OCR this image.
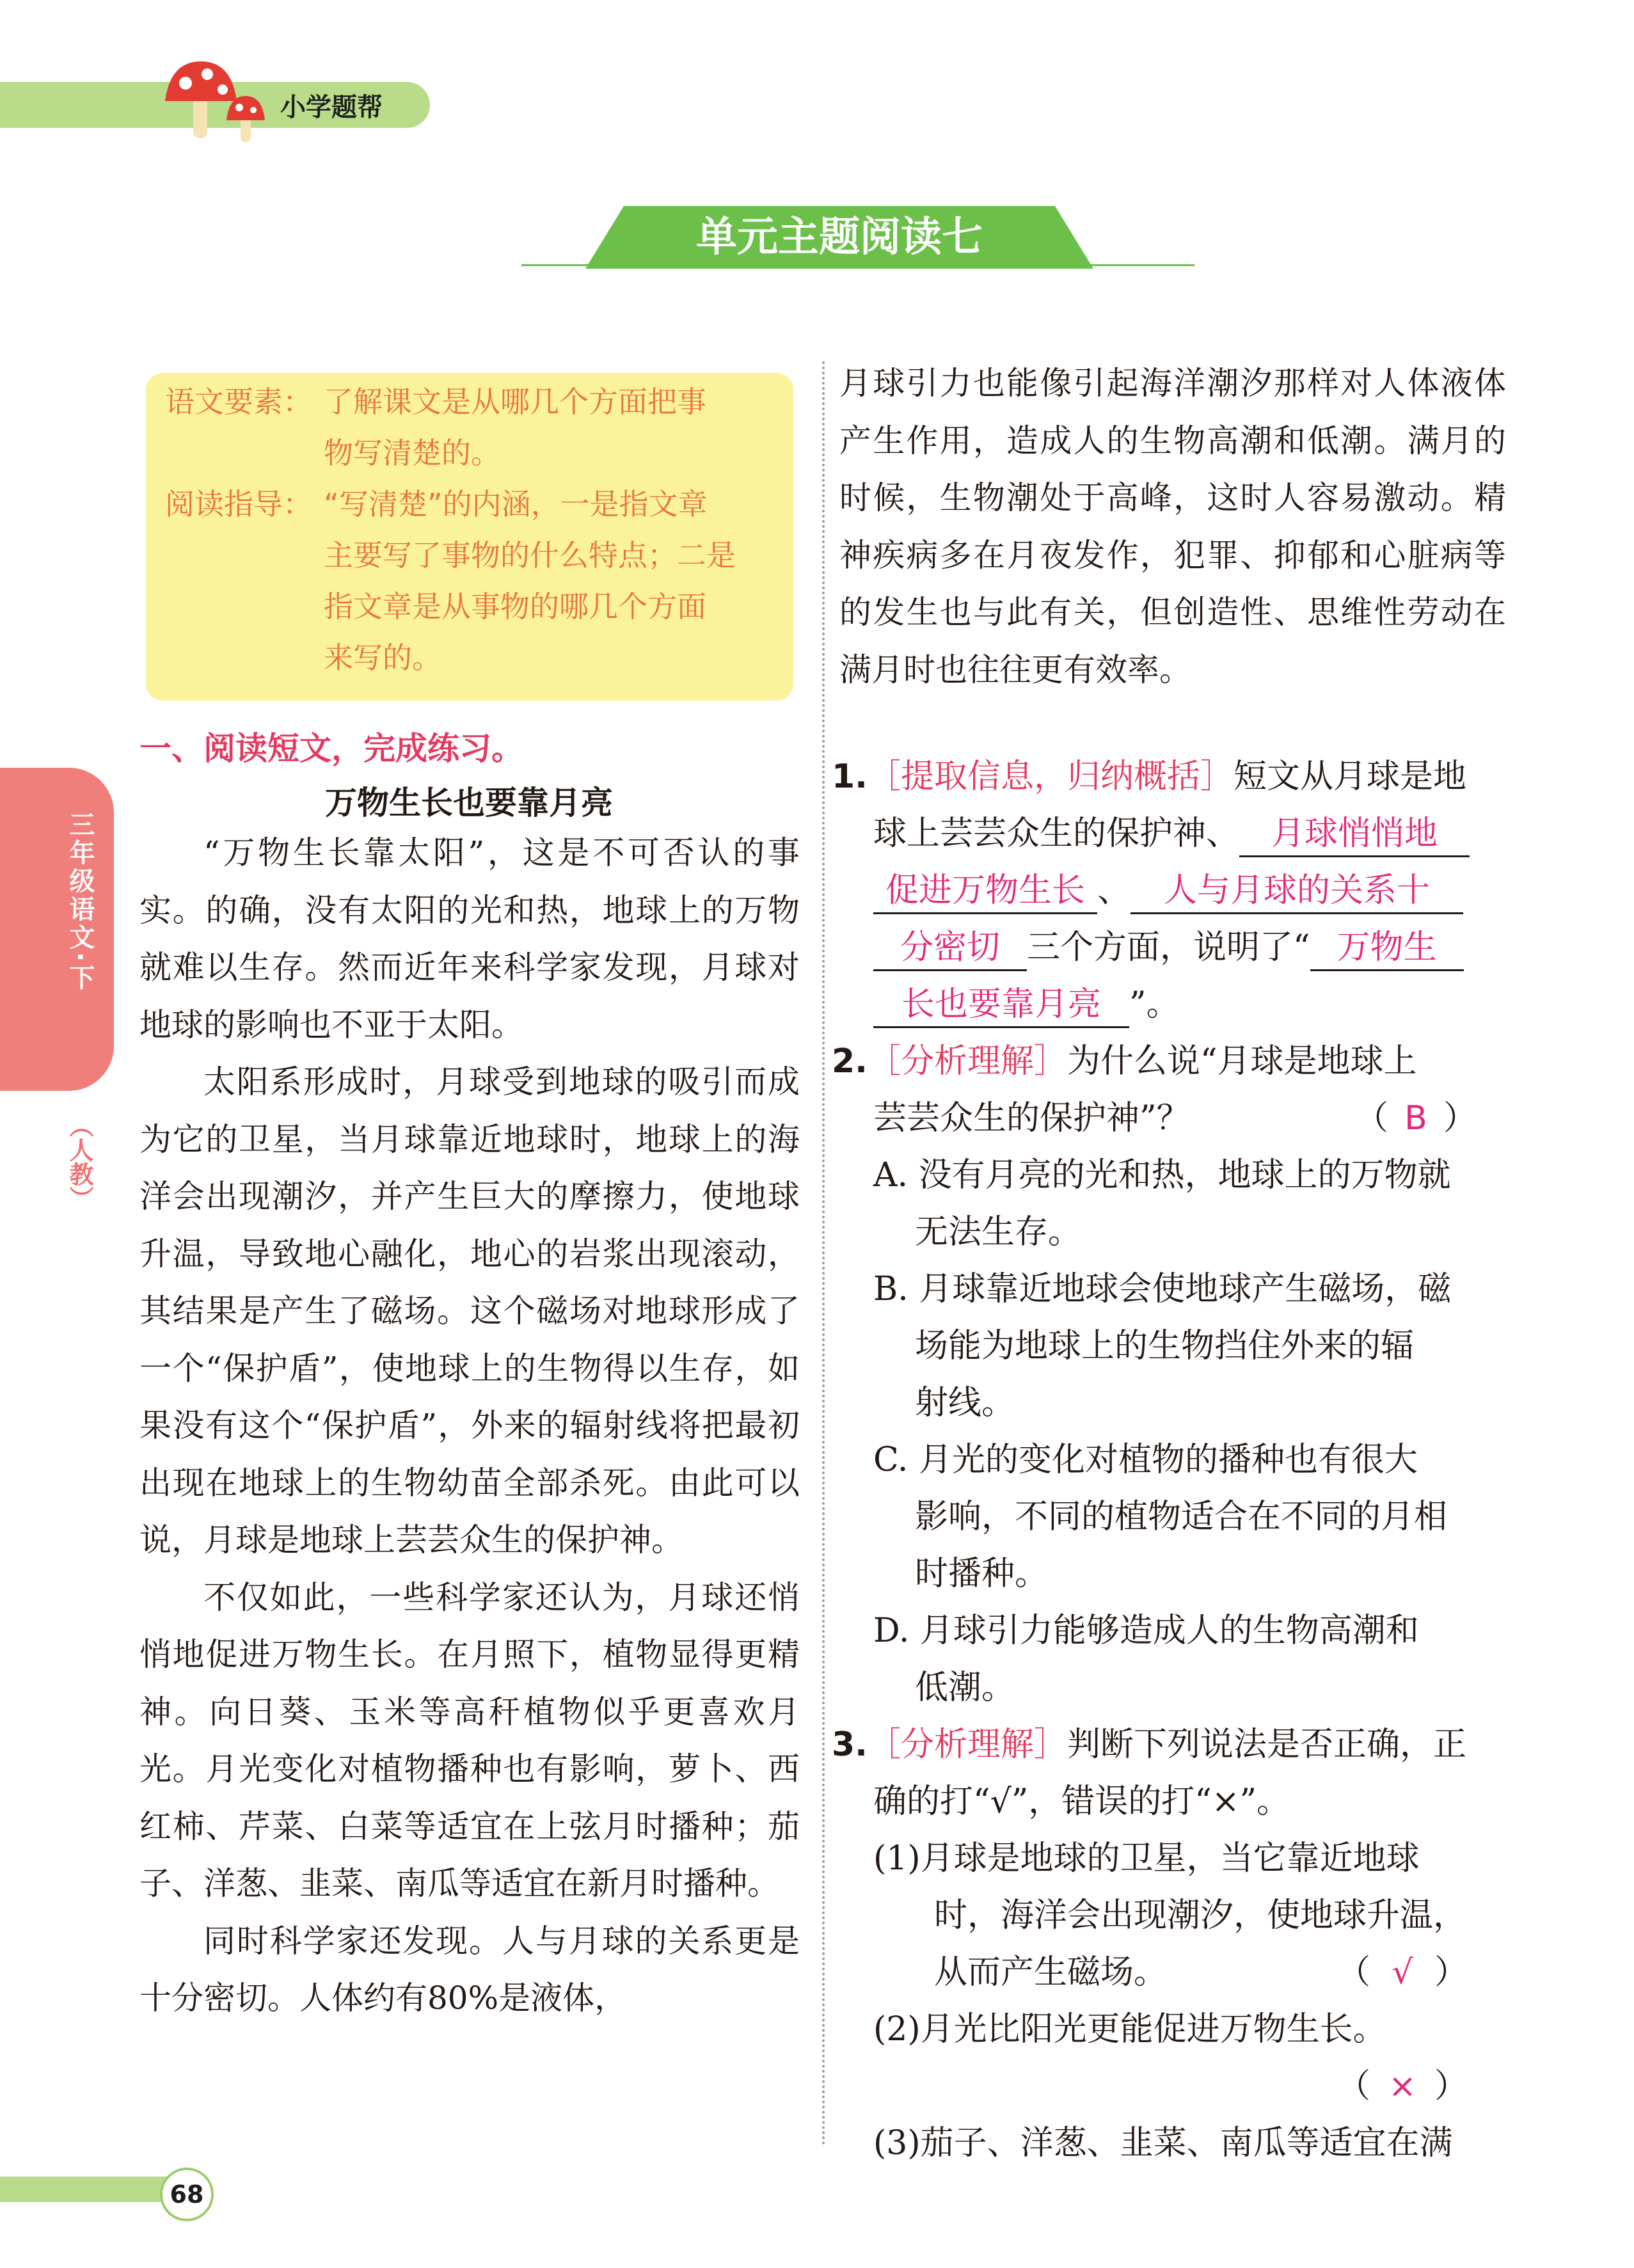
小学题帮
单元主题阅读七
语文要素： 了解课文是从哪几个方面把事
物写清楚的。
阅读指导： “写清楚”的内涵，一是指文章
主要写了事物的什么特点；二是
指文章是从事物的哪几个方面
来写的。
三年级语文·下
（人教）
一、阅读短文，完成练习。
万物生长也要靠月亮

“万物生长靠太阳”，这是不可否认的事实。的确，没有太阳的光和热，地球上的万物就难以生存。然而近年来科学家发现，月球对地球的影响也不亚于太阳。

太阳系形成时，月球受到地球的吸引而成为它的卫星，当月球靠近地球时，地球上的海洋会出现潮汐，并产生巨大的摩擦力，使地球升温，导致地心融化，地心的岩浆出现滚动，其结果是产生了磁场。这个磁场对地球形成了一个“保护盾”，使地球上的生物得以生存，如果没有这个“保护盾”，外来的辐射线将把最初出现在地球上的生物幼苗全部杀死。由此可以说，月球是地球上芸芸众生的保护神。

不仅如此，一些科学家还认为，月球还悄悄地促进万物生长。在月照下，植物显得更精神。向日葵、玉米等高秆植物似乎更喜欢月光。月光变化对植物播种也有影响，萝卜、西红柿、芹菜、白菜等适宜在上弦月时播种；茄子、洋葱、韭菜、南瓜等适宜在新月时播种。

同时科学家还发现。人与月球的关系更是十分密切。人体约有80%是液体，

月球引力也能像引起海洋潮汐那样对人体液体产生作用，造成人的生物高潮和低潮。满月的时候，生物潮处于高峰，这时人容易激动。精神疾病多在月夜发作，犯罪、抑郁和心脏病等的发生也与此有关，但创造性、思维性劳动在满月时也往往更有效率。

1.［提取信息，归纳概括］短文从月球是地
球上芸芸众生的保护神、 月球悄悄地
促进万物生长 、 人与月球的关系十
分密切 三个方面，说明了“ 万物生
长也要靠月亮 ”。
2.［分析理解］为什么说“月球是地球上
芸芸众生的保护神”？	（ B ）
A. 没有月亮的光和热，地球上的万物就
无法生存。
B. 月球靠近地球会使地球产生磁场，磁
场能为地球上的生物挡住外来的辐
射线。
C. 月光的变化对植物的播种也有很大
影响，不同的植物适合在不同的月相
时播种。
D. 月球引力能够造成人的生物高潮和
低潮。
3.［分析理解］判断下列说法是否正确，正
确的打“√”，错误的打“×”。
(1)月球是地球的卫星，当它靠近地球
时，海洋会出现潮汐，使地球升温，
从而产生磁场。	（ √ ）
(2)月光比阳光更能促进万物生长。
（ × ）
(3)茄子、洋葱、韭菜、南瓜等适宜在满
68
